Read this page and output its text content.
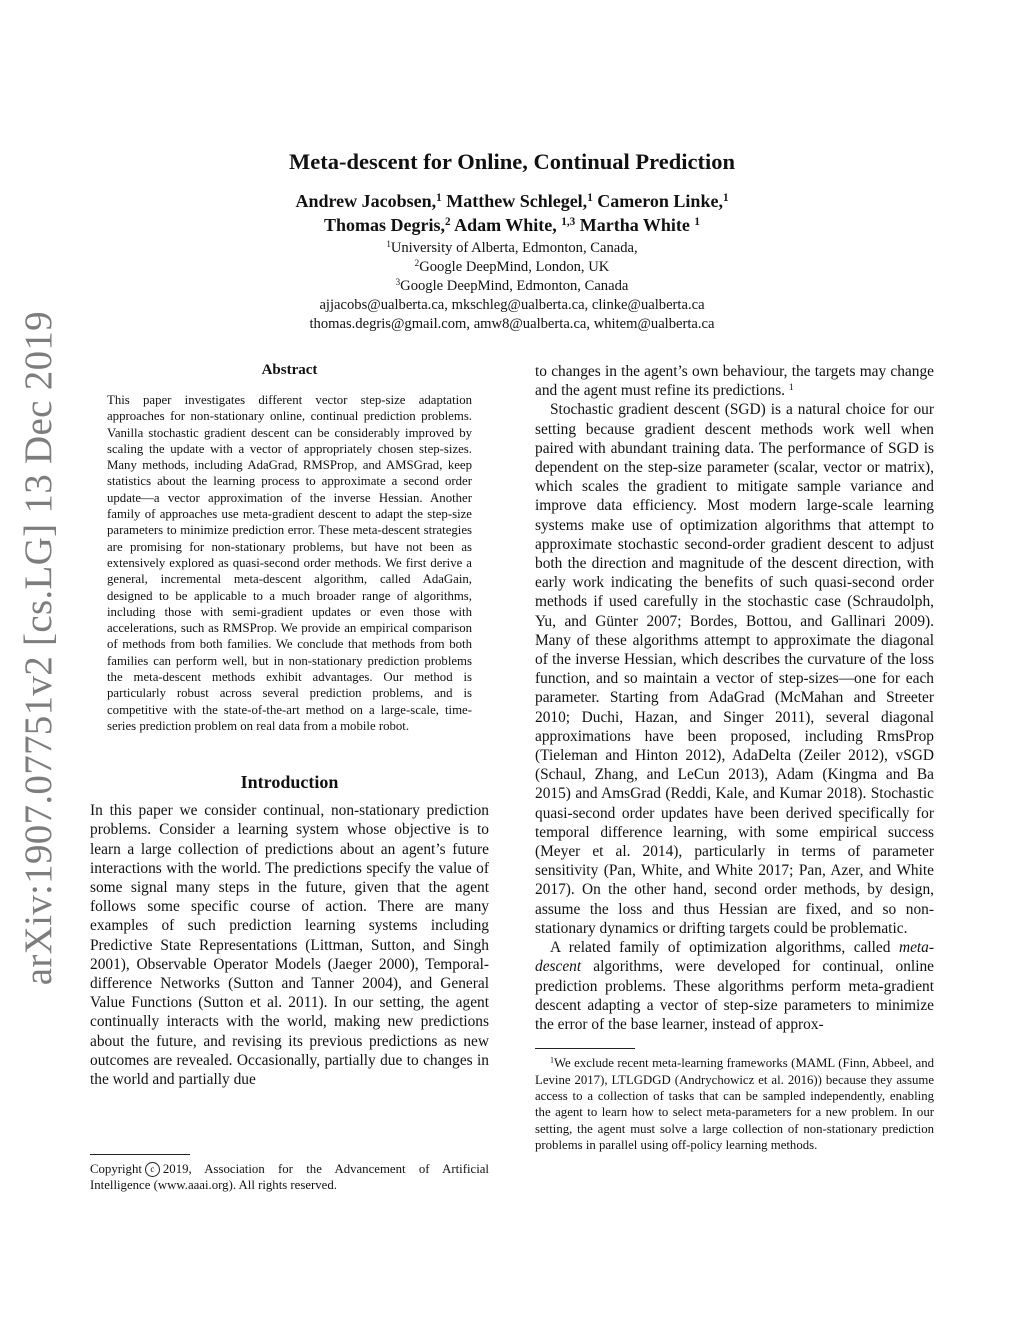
arXiv:1907.07751v2 [cs.LG] 13 Dec 2019
Meta-descent for Online, Continual Prediction
Andrew Jacobsen,$^1$ Matthew Schlegel,$^1$ Cameron Linke,$^1$
Thomas Degris,$^2$ Adam White, $^{1,3}$ Martha White $^1$
$^1$University of Alberta, Edmonton, Canada,
$^2$Google DeepMind, London, UK
$^3$Google DeepMind, Edmonton, Canada
ajjacobs@ualberta.ca, mkschleg@ualberta.ca, clinke@ualberta.ca
thomas.degris@gmail.com, amw8@ualberta.ca, whitem@ualberta.ca
Abstract

This paper investigates different vector step-size adaptation approaches for non-stationary online, continual prediction problems. Vanilla stochastic gradient descent can be considerably improved by scaling the update with a vector of appropriately chosen step-sizes. Many methods, including AdaGrad, RMSProp, and AMSGrad, keep statistics about the learning process to approximate a second order update—a vector approximation of the inverse Hessian. Another family of approaches use meta-gradient descent to adapt the step-size parameters to minimize prediction error. These meta-descent strategies are promising for non-stationary problems, but have not been as extensively explored as quasi-second order methods. We first derive a general, incremental meta-descent algorithm, called AdaGain, designed to be applicable to a much broader range of algorithms, including those with semi-gradient updates or even those with accelerations, such as RMSProp. We provide an empirical comparison of methods from both families. We conclude that methods from both families can perform well, but in non-stationary prediction problems the meta-descent methods exhibit advantages. Our method is particularly robust across several prediction problems, and is competitive with the state-of-the-art method on a large-scale, time-series prediction problem on real data from a mobile robot.

Introduction

In this paper we consider continual, non-stationary prediction problems. Consider a learning system whose objective is to learn a large collection of predictions about an agent’s future interactions with the world. The predictions specify the value of some signal many steps in the future, given that the agent follows some specific course of action. There are many examples of such prediction learning systems including Predictive State Representations (Littman, Sutton, and Singh 2001), Observable Operator Models (Jaeger 2000), Temporal-difference Networks (Sutton and Tanner 2004), and General Value Functions (Sutton et al. 2011). In our setting, the agent continually interacts with the world, making new predictions about the future, and revising its previous predictions as new outcomes are revealed. Occasionally, partially due to changes in the world and partially due

Copyright c 2019, Association for the Advancement of Artificial Intelligence (www.aaai.org). All rights reserved.

to changes in the agent’s own behaviour, the targets may change and the agent must refine its predictions. $^1$

Stochastic gradient descent (SGD) is a natural choice for our setting because gradient descent methods work well when paired with abundant training data. The performance of SGD is dependent on the step-size parameter (scalar, vector or matrix), which scales the gradient to mitigate sample variance and improve data efficiency. Most modern large-scale learning systems make use of optimization algorithms that attempt to approximate stochastic second-order gradient descent to adjust both the direction and magnitude of the descent direction, with early work indicating the benefits of such quasi-second order methods if used carefully in the stochastic case (Schraudolph, Yu, and Günter 2007; Bordes, Bottou, and Gallinari 2009). Many of these algorithms attempt to approximate the diagonal of the inverse Hessian, which describes the curvature of the loss function, and so maintain a vector of step-sizes—one for each parameter. Starting from AdaGrad (McMahan and Streeter 2010; Duchi, Hazan, and Singer 2011), several diagonal approximations have been proposed, including RmsProp (Tieleman and Hinton 2012), AdaDelta (Zeiler 2012), vSGD (Schaul, Zhang, and LeCun 2013), Adam (Kingma and Ba 2015) and AmsGrad (Reddi, Kale, and Kumar 2018). Stochastic quasi-second order updates have been derived specifically for temporal difference learning, with some empirical success (Meyer et al. 2014), particularly in terms of parameter sensitivity (Pan, White, and White 2017; Pan, Azer, and White 2017). On the other hand, second order methods, by design, assume the loss and thus Hessian are fixed, and so non-stationary dynamics or drifting targets could be problematic.

A related family of optimization algorithms, called meta-descent algorithms, were developed for continual, online prediction problems. These algorithms perform meta-gradient descent adapting a vector of step-size parameters to minimize the error of the base learner, instead of approx-

$^1$We exclude recent meta-learning frameworks (MAML (Finn, Abbeel, and Levine 2017), LTLGDGD (Andrychowicz et al. 2016)) because they assume access to a collection of tasks that can be sampled independently, enabling the agent to learn how to select meta-parameters for a new problem. In our setting, the agent must solve a large collection of non-stationary prediction problems in parallel using off-policy learning methods.
